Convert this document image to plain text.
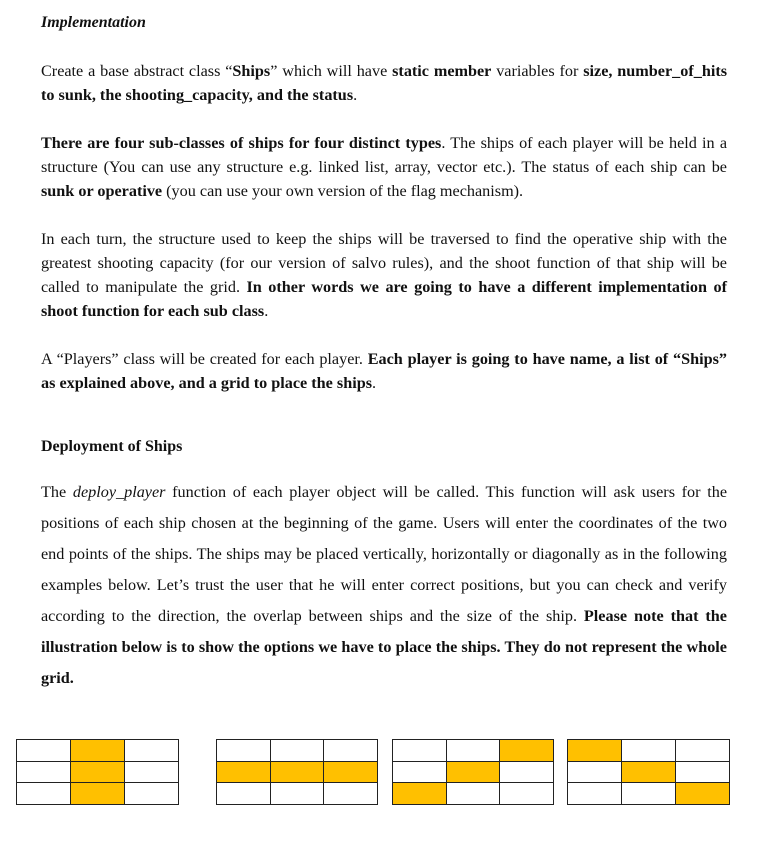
Implementation

Create a base abstract class “Ships” which will have static member variables for size, number_of_hits to sunk, the shooting_capacity, and the status.

There are four sub-classes of ships for four distinct types. The ships of each player will be held in a structure (You can use any structure e.g. linked list, array, vector etc.). The status of each ship can be sunk or operative (you can use your own version of the flag mechanism).

In each turn, the structure used to keep the ships will be traversed to find the operative ship with the greatest shooting capacity (for our version of salvo rules), and the shoot function of that ship will be called to manipulate the grid. In other words we are going to have a different implementation of shoot function for each sub class.

A “Players” class will be created for each player. Each player is going to have name, a list of “Ships” as explained above, and a grid to place the ships.

Deployment of Ships

The deploy_player function of each player object will be called. This function will ask users for the positions of each ship chosen at the beginning of the game. Users will enter the coordinates of the two end points of the ships. The ships may be placed vertically, horizontally or diagonally as in the following examples below. Let’s trust the user that he will enter correct positions, but you can check and verify according to the direction, the overlap between ships and the size of the ship. Please note that the illustration below is to show the options we have to place the ships. They do not represent the whole grid.
